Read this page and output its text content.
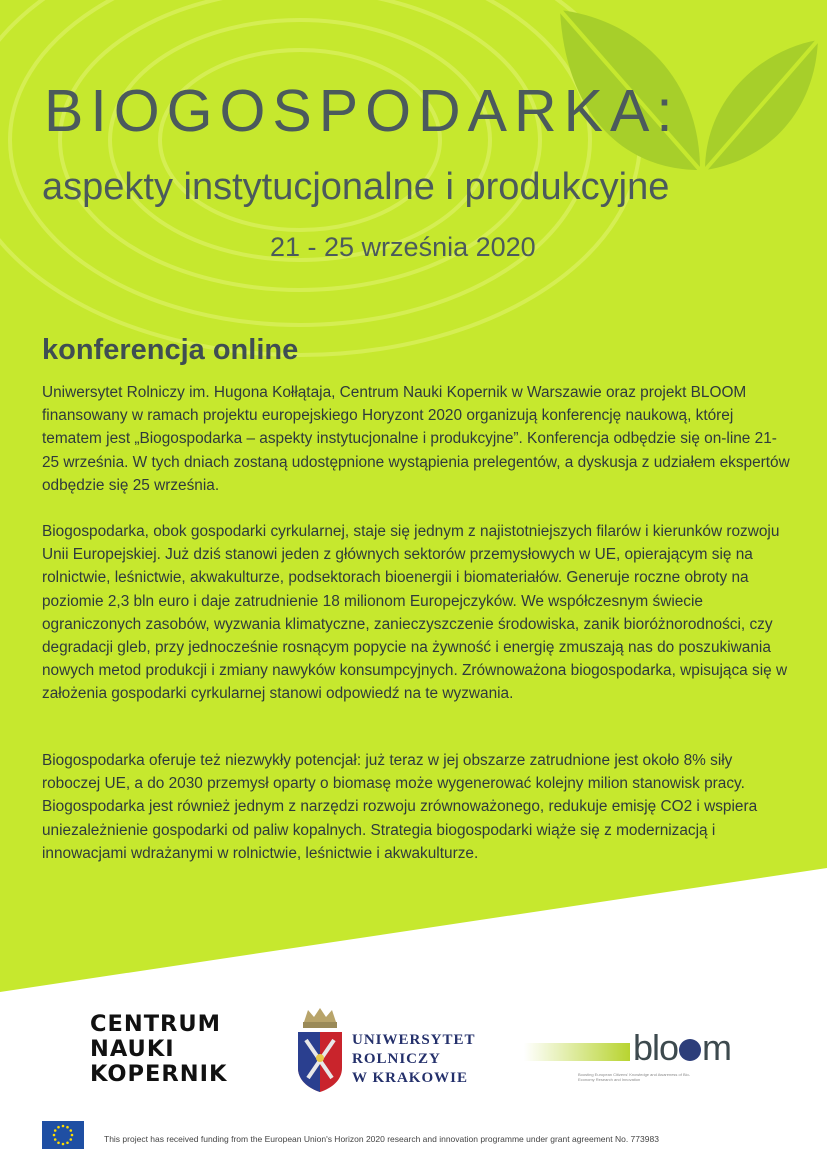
BIOGOSPODARKA:
aspekty instytucjonalne i produkcyjne
21 - 25 września 2020
konferencja online

Uniwersytet Rolniczy im. Hugona Kołłątaja, Centrum Nauki Kopernik w Warszawie oraz projekt BLOOM finansowany w ramach projektu europejskiego Horyzont 2020 organizują konferencję naukową, której tematem jest „Biogospodarka – aspekty instytucjonalne i produkcyjne”. Konferencja odbędzie się on-line 21-25 września. W tych dniach zostaną udostępnione wystąpienia prelegentów, a dyskusja z udziałem ekspertów odbędzie się 25 września.

Biogospodarka, obok gospodarki cyrkularnej, staje się jednym z najistotniejszych filarów i kierunków rozwoju Unii Europejskiej. Już dziś stanowi jeden z głównych sektorów przemysłowych w UE, opierającym się na rolnictwie, leśnictwie, akwakulturze, podsektorach bioenergii i biomateriałów. Generuje roczne obroty na poziomie 2,3 bln euro i daje zatrudnienie 18 milionom Europejczyków. We współczesnym świecie ograniczonych zasobów, wyzwania klimatyczne, zanieczyszczenie środowiska, zanik bioróżnorodności, czy degradacji gleb, przy jednocześnie rosnącym popycie na żywność i energię zmuszają nas do poszukiwania nowych metod produkcji i zmiany nawyków konsumpcyjnych. Zrównoważona biogospodarka, wpisująca się w założenia gospodarki cyrkularnej stanowi odpowiedź na te wyzwania.

Biogospodarka oferuje też niezwykły potencjał: już teraz w jej obszarze zatrudnione jest około 8% siły roboczej UE, a do 2030 przemysł oparty o biomasę może wygenerować kolejny milion stanowisk pracy. Biogospodarka jest również jednym z narzędzi rozwoju zrównoważonego, redukuje emisję CO2 i wspiera uniezależnienie gospodarki od paliw kopalnych. Strategia biogospodarki wiąże się z modernizacją i innowacjami wdrażanymi w rolnictwie, leśnictwie i akwakulturze.

CENTRUM
NAUKI
KOPERNIK
UNIWERSYTET
ROLNICZY
W KRAKOWIE
blo m
Boosting European Citizens' Knowledge and Awareness of Bio-Economy Research and Innovation
This project has received funding from the European Union's Horizon 2020 research and innovation programme under grant agreement No. 773983
